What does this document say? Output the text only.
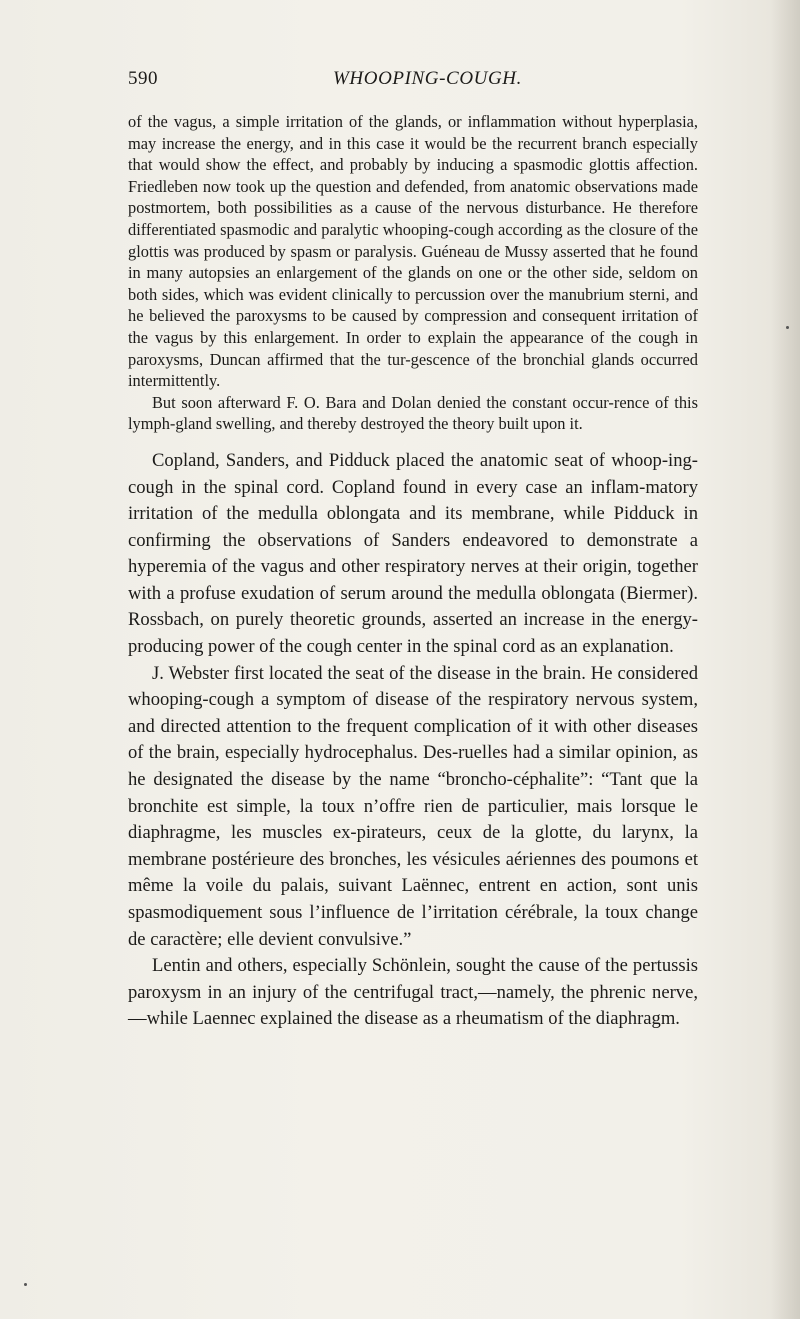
590	WHOOPING-COUGH.

of the vagus, a simple irritation of the glands, or inflammation without hyperplasia, may increase the energy, and in this case it would be the recurrent branch especially that would show the effect, and probably by inducing a spasmodic glottis affection. Friedleben now took up the question and defended, from anatomic observations made postmortem, both possibilities as a cause of the nervous disturbance. He therefore differentiated spasmodic and paralytic whooping-cough according as the closure of the glottis was produced by spasm or paralysis. Guéneau de Mussy asserted that he found in many autopsies an enlargement of the glands on one or the other side, seldom on both sides, which was evident clinically to percussion over the manubrium sterni, and he believed the paroxysms to be caused by compression and consequent irritation of the vagus by this enlargement. In order to explain the appearance of the cough in paroxysms, Duncan affirmed that the tur-gescence of the bronchial glands occurred intermittently.

But soon afterward F. O. Bara and Dolan denied the constant occur-rence of this lymph-gland swelling, and thereby destroyed the theory built upon it.

Copland, Sanders, and Pidduck placed the anatomic seat of whoop-ing-cough in the spinal cord. Copland found in every case an inflam-matory irritation of the medulla oblongata and its membrane, while Pidduck in confirming the observations of Sanders endeavored to demonstrate a hyperemia of the vagus and other respiratory nerves at their origin, together with a profuse exudation of serum around the medulla oblongata (Biermer). Rossbach, on purely theoretic grounds, asserted an increase in the energy-producing power of the cough center in the spinal cord as an explanation.

J. Webster first located the seat of the disease in the brain. He considered whooping-cough a symptom of disease of the respiratory nervous system, and directed attention to the frequent complication of it with other diseases of the brain, especially hydrocephalus. Des-ruelles had a similar opinion, as he designated the disease by the name “broncho-céphalite”: “Tant que la bronchite est simple, la toux n’offre rien de particulier, mais lorsque le diaphragme, les muscles ex-pirateurs, ceux de la glotte, du larynx, la membrane postérieure des bronches, les vésicules aériennes des poumons et même la voile du palais, suivant Laënnec, entrent en action, sont unis spasmodiquement sous l’influence de l’irritation cérébrale, la toux change de caractère; elle devient convulsive.”

Lentin and others, especially Schönlein, sought the cause of the pertussis paroxysm in an injury of the centrifugal tract,—namely, the phrenic nerve,—while Laennec explained the disease as a rheumatism of the diaphragm.
